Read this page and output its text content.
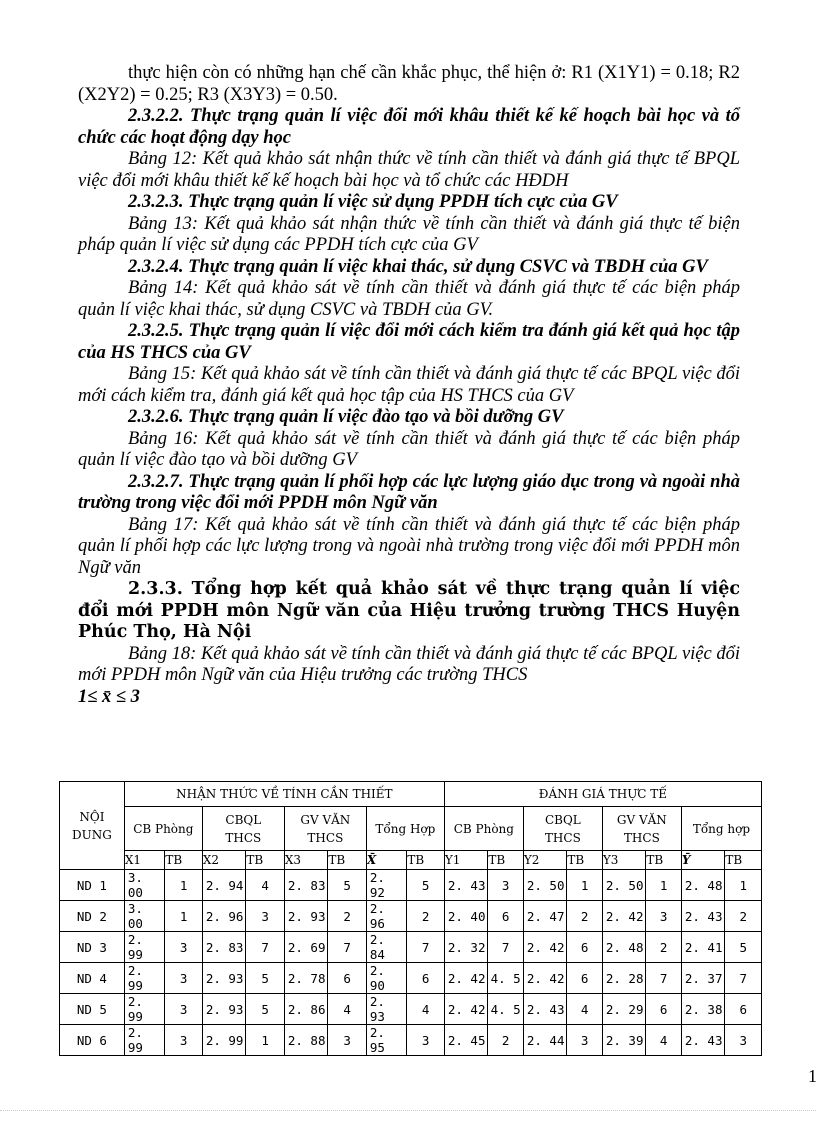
thực hiện còn có những hạn chế cần khắc phục, thể hiện ở: R1 (X1Y1) = 0.18; R2 (X2Y2) = 0.25; R3 (X3Y3) = 0.50.

2.3.2.2. Thực trạng quản lí việc đổi mới khâu thiết kế kế hoạch bài học và tổ chức các hoạt động dạy học

Bảng 12: Kết quả khảo sát nhận thức về tính cần thiết và đánh giá thực tế BPQL việc đổi mới khâu thiết kế kế hoạch bài học và tổ chức các HĐDH

2.3.2.3. Thực trạng quản lí việc sử dụng PPDH tích cực của GV

Bảng 13: Kết quả khảo sát nhận thức về tính cần thiết và đánh giá thực tế biện pháp quản lí việc sử dụng các PPDH tích cực của GV

2.3.2.4. Thực trạng quản lí việc khai thác, sử dụng CSVC và TBDH của GV

Bảng 14: Kết quả khảo sát về tính cần thiết và đánh giá thực tế các biện pháp quản lí việc khai thác, sử dụng CSVC và TBDH của GV.

2.3.2.5. Thực trạng quản lí việc đổi mới cách kiểm tra đánh giá kết quả học tập của HS THCS của GV

Bảng 15: Kết quả khảo sát về tính cần thiết và đánh giá thực tế các BPQL việc đổi mới cách kiểm tra, đánh giá kết quả học tập của HS THCS của GV

2.3.2.6. Thực trạng quản lí việc đào tạo và bồi dưỡng GV

Bảng 16: Kết quả khảo sát về tính cần thiết và đánh giá thực tế các biện pháp quản lí việc đào tạo và bồi dưỡng GV

2.3.2.7. Thực trạng quản lí phối hợp các lực lượng giáo dục trong và ngoài nhà trường trong việc đổi mới PPDH môn Ngữ văn

Bảng 17: Kết quả khảo sát về tính cần thiết và đánh giá thực tế các biện pháp quản lí phối hợp các lực lượng trong và ngoài nhà trường trong việc đổi mới PPDH môn Ngữ văn

2.3.3. Tổng hợp kết quả khảo sát về thực trạng quản lí việc đổi mới PPDH môn Ngữ văn của Hiệu trưởng trường THCS Huyện Phúc Thọ, Hà Nội

Bảng 18: Kết quả khảo sát về tính cần thiết và đánh giá thực tế các BPQL việc đổi mới PPDH môn Ngữ văn của Hiệu trưởng các trường THCS

1≤ x̄ ≤ 3

NỘI DUNG	NHẬN THỨC VỀ TÍNH CẦN THIẾT								ĐÁNH GIÁ THỰC TẾ							
	CB Phòng		CBQL THCS		GV VĂN THCS		Tổng Hợp		CB Phòng		CBQL THCS		GV VĂN THCS		Tổng hợp	
	X1	TB	X2	TB	X3	TB	X̄	TB	Y1	TB	Y2	TB	Y3	TB	Ȳ	TB
ND 1	3. 00	1	2. 94	4	2. 83	5	2. 92	5	2. 43	3	2. 50	1	2. 50	1	2. 48	1
ND 2	3. 00	1	2. 96	3	2. 93	2	2. 96	2	2. 40	6	2. 47	2	2. 42	3	2. 43	2
ND 3	2. 99	3	2. 83	7	2. 69	7	2. 84	7	2. 32	7	2. 42	6	2. 48	2	2. 41	5
ND 4	2. 99	3	2. 93	5	2. 78	6	2. 90	6	2. 42	4. 5	2. 42	6	2. 28	7	2. 37	7
ND 5	2. 99	3	2. 93	5	2. 86	4	2. 93	4	2. 42	4. 5	2. 43	4	2. 29	6	2. 38	6
ND 6	2. 99	3	2. 99	1	2. 88	3	2. 95	3	2. 45	2	2. 44	3	2. 39	4	2. 43	3
1
